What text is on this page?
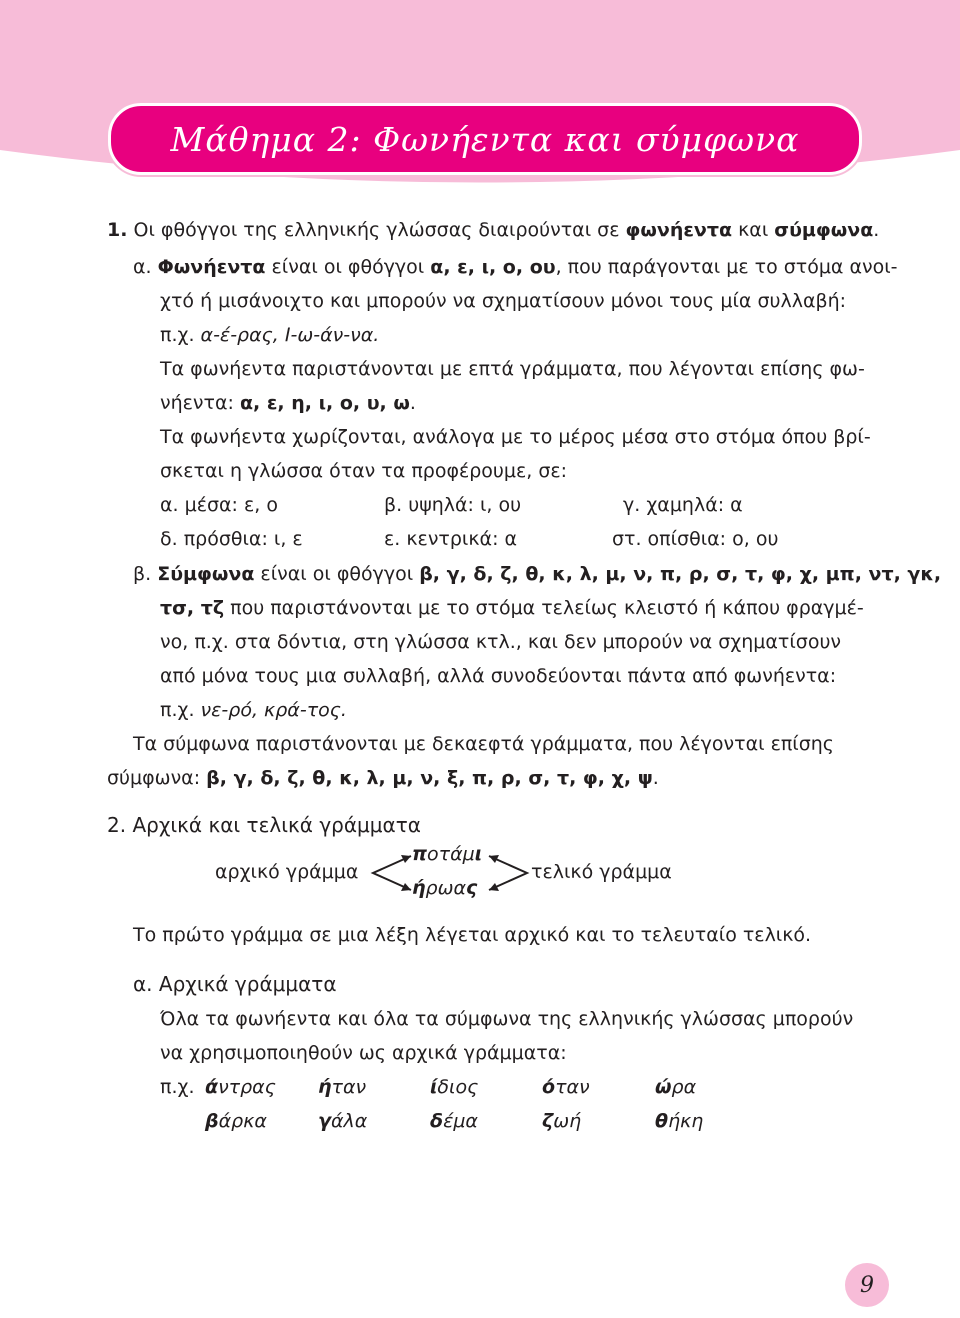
Μάθημα 2: Φωνήεντα και σύμφωνα
1. Οι φθόγγοι της ελληνικής γλώσσας διαιρούνται σε φωνήεντα και σύμφωνα.
α. Φωνήεντα είναι οι φθόγγοι α, ε, ι, ο, ου, που παράγονται με το στόμα ανοι-
χτό ή μισάνοιχτο και μπορούν να σχηματίσουν μόνοι τους μία συλλαβή:
π.χ. α-έ-ρας, Ι-ω-άν-να.
Τα φωνήεντα παριστάνονται με επτά γράμματα, που λέγονται επίσης φω-
νήεντα: α, ε, η, ι, ο, υ, ω.
Τα φωνήεντα χωρίζονται, ανάλογα με το μέρος μέσα στο στόμα όπου βρί-
σκεται η γλώσσα όταν τα προφέρουμε, σε:
α. μέσα: ε, ο	β. υψηλά: ι, ου	γ. χαμηλά: α
δ. πρόσθια: ι, ε	ε. κεντρικά: α	στ. οπίσθια: ο, ου
β. Σύμφωνα είναι οι φθόγγοι β, γ, δ, ζ, θ, κ, λ, μ, ν, π, ρ, σ, τ, φ, χ, μπ, ντ, γκ,
τσ, τζ που παριστάνονται με το στόμα τελείως κλειστό ή κάπου φραγμέ-
νο, π.χ. στα δόντια, στη γλώσσα κτλ., και δεν μπορούν να σχηματίσουν
από μόνα τους μια συλλαβή, αλλά συνοδεύονται πάντα από φωνήεντα:
π.χ. νε-ρό, κρά-τος.
Τα σύμφωνα παριστάνονται με δεκαεφτά γράμματα, που λέγονται επίσης
σύμφωνα: β, γ, δ, ζ, θ, κ, λ, μ, ν, ξ, π, ρ, σ, τ, φ, χ, ψ.
2. Αρχικά και τελικά γράμματα
αρχικό γράμμα
ποτάμι
ήρωας
τελικό γράμμα
Το πρώτο γράμμα σε μια λέξη λέγεται αρχικό και το τελευταίο τελικό.
α. Αρχικά γράμματα
Όλα τα φωνήεντα και όλα τα σύμφωνα της ελληνικής γλώσσας μπορούν
να χρησιμοποιηθούν ως αρχικά γράμματα:
π.χ. άντρας ήταν	ίδιος	όταν	ώρα
βάρκα	γάλα	δέμα	ζωή	θήκη
9
